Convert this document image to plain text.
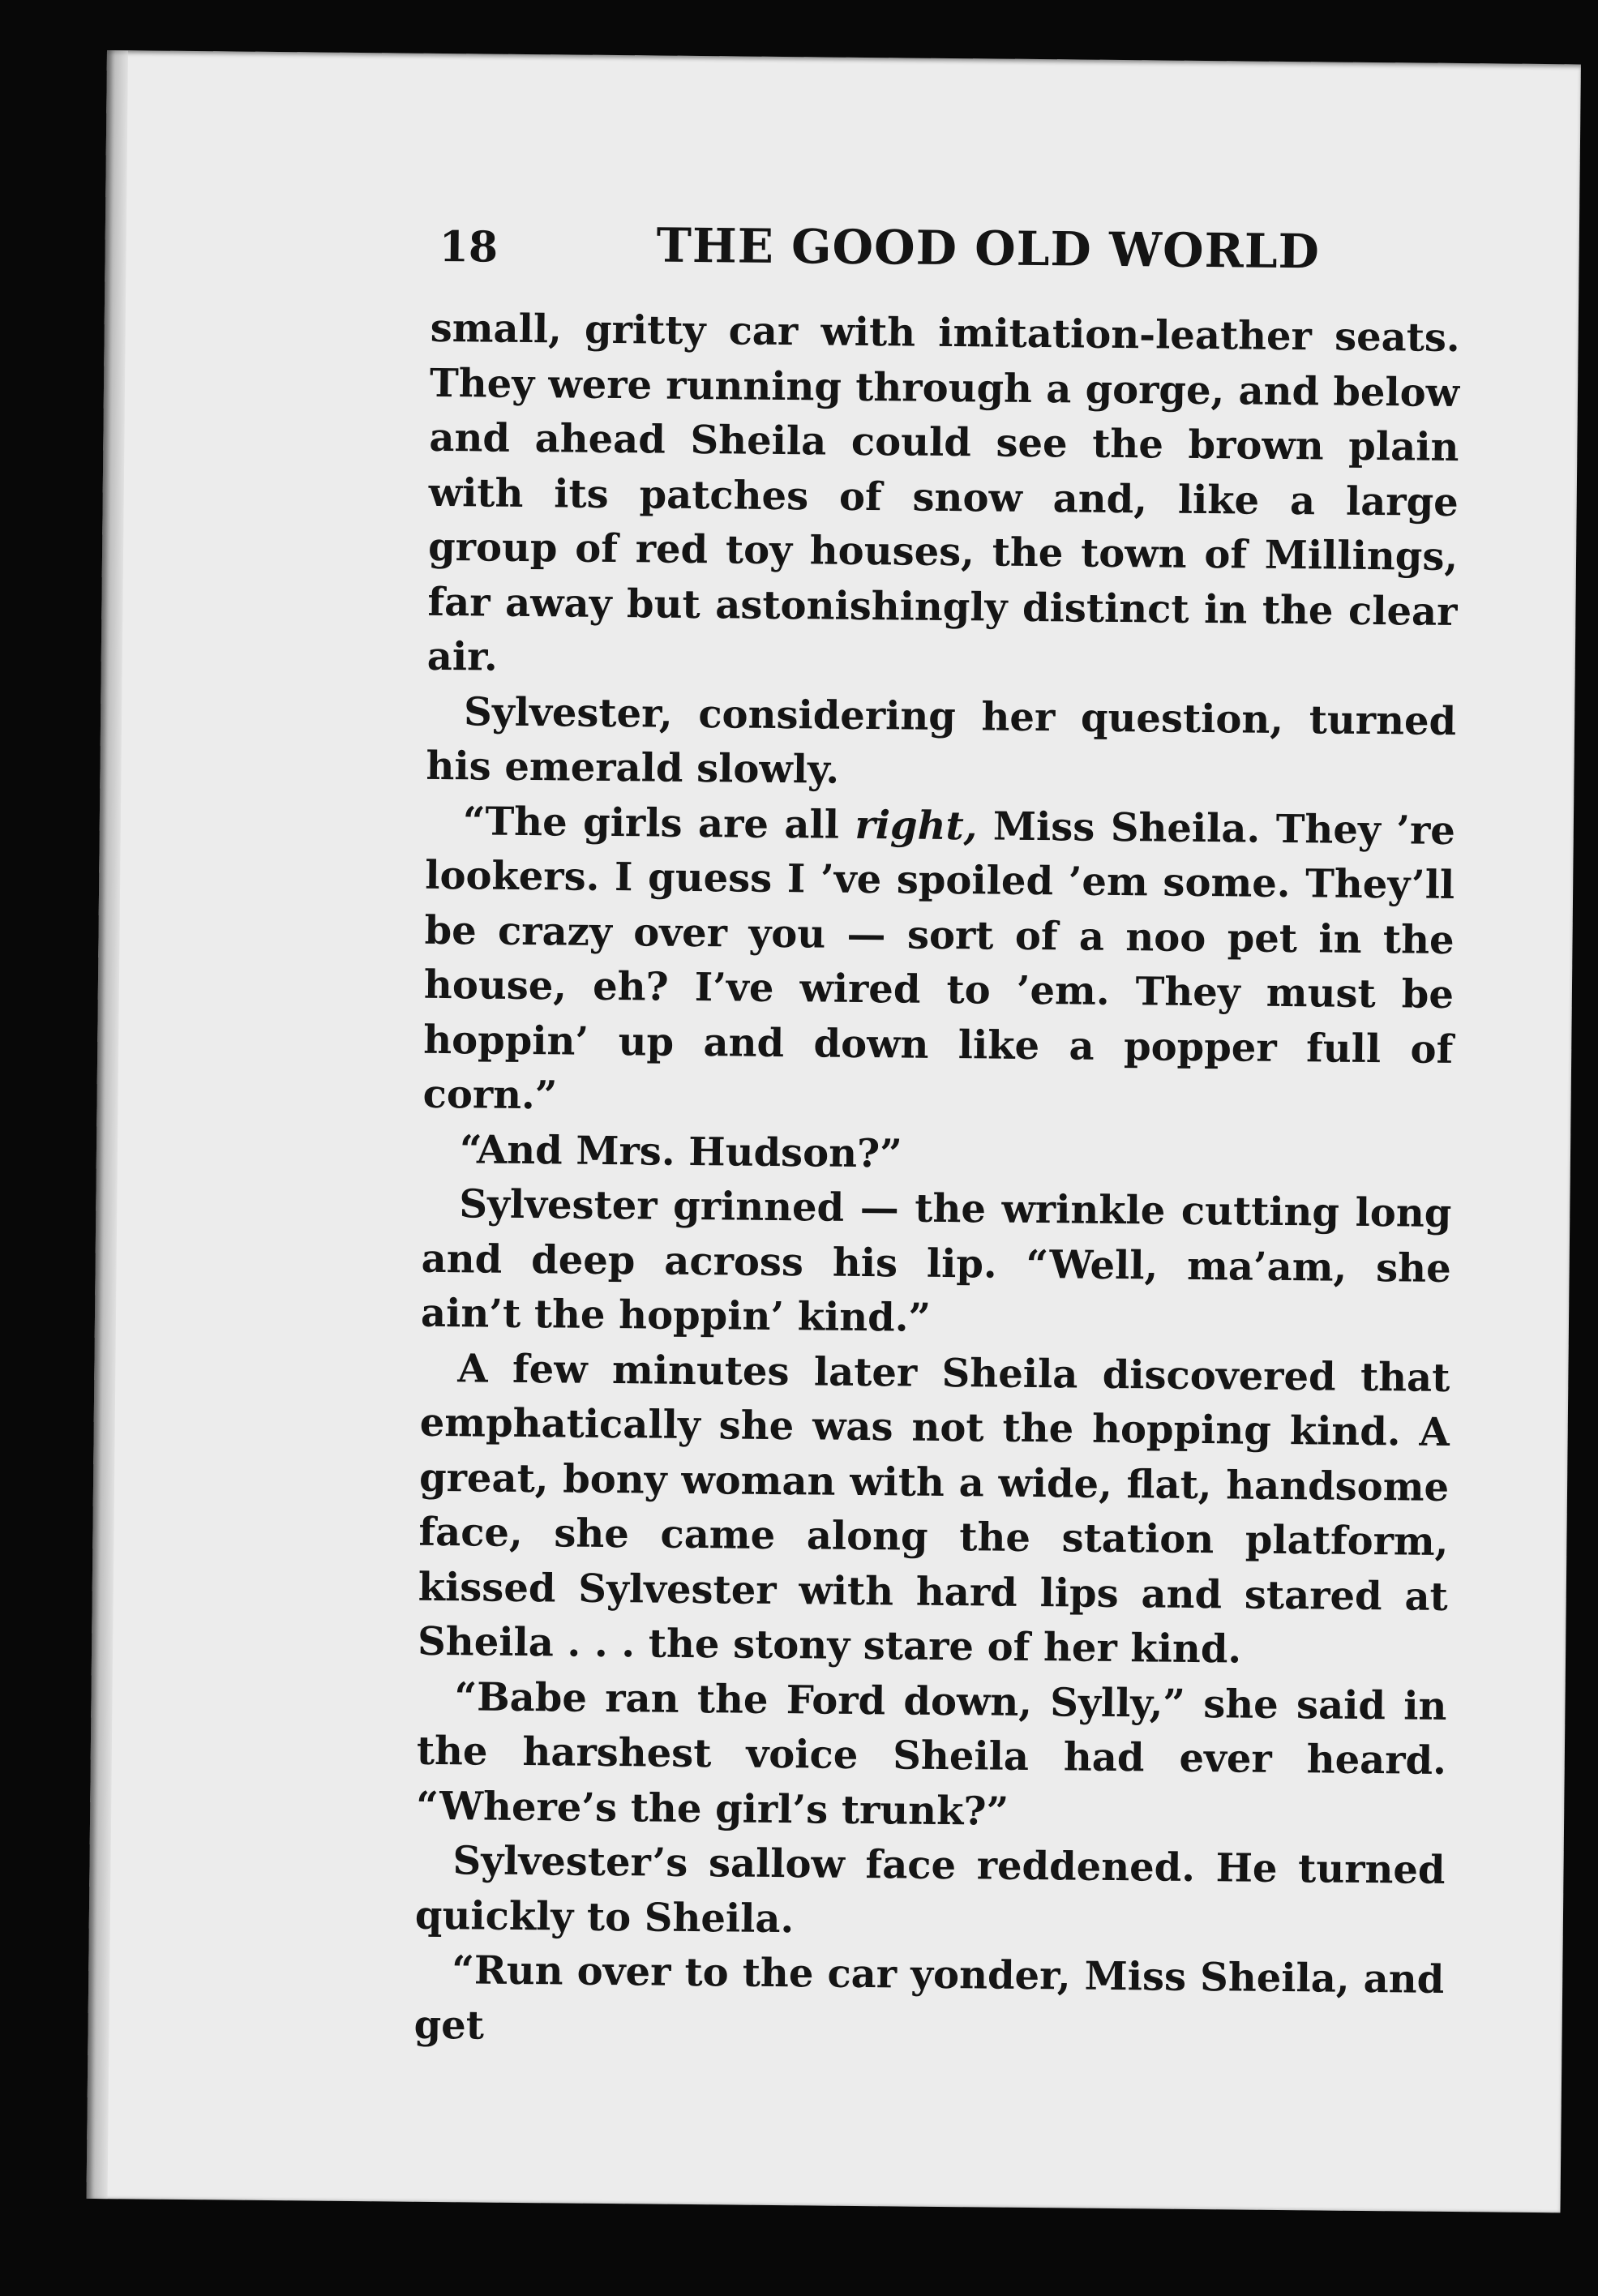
18	THE GOOD OLD WORLD

small, gritty car with imitation-leather seats. They were running through a gorge, and below and ahead Sheila could see the brown plain with its patches of snow and, like a large group of red toy houses, the town of Millings, far away but astonishingly distinct in the clear air.

Sylvester, considering her question, turned his emerald slowly.

“The girls are all right, Miss Sheila. They ’re lookers. I guess I ’ve spoiled ’em some. They’ll be crazy over you — sort of a noo pet in the house, eh? I’ve wired to ’em. They must be hoppin’ up and down like a popper full of corn.”

“And Mrs. Hudson?”

Sylvester grinned — the wrinkle cutting long and deep across his lip. “Well, ma’am, she ain’t the hoppin’ kind.”

A few minutes later Sheila discovered that emphatically she was not the hopping kind. A great, bony woman with a wide, flat, handsome face, she came along the station platform, kissed Sylvester with hard lips and stared at Sheila . . . the stony stare of her kind.

“Babe ran the Ford down, Sylly,” she said in the harshest voice Sheila had ever heard. “Where’s the girl’s trunk?”

Sylvester’s sallow face reddened. He turned quickly to Sheila.

“Run over to the car yonder, Miss Sheila, and get
